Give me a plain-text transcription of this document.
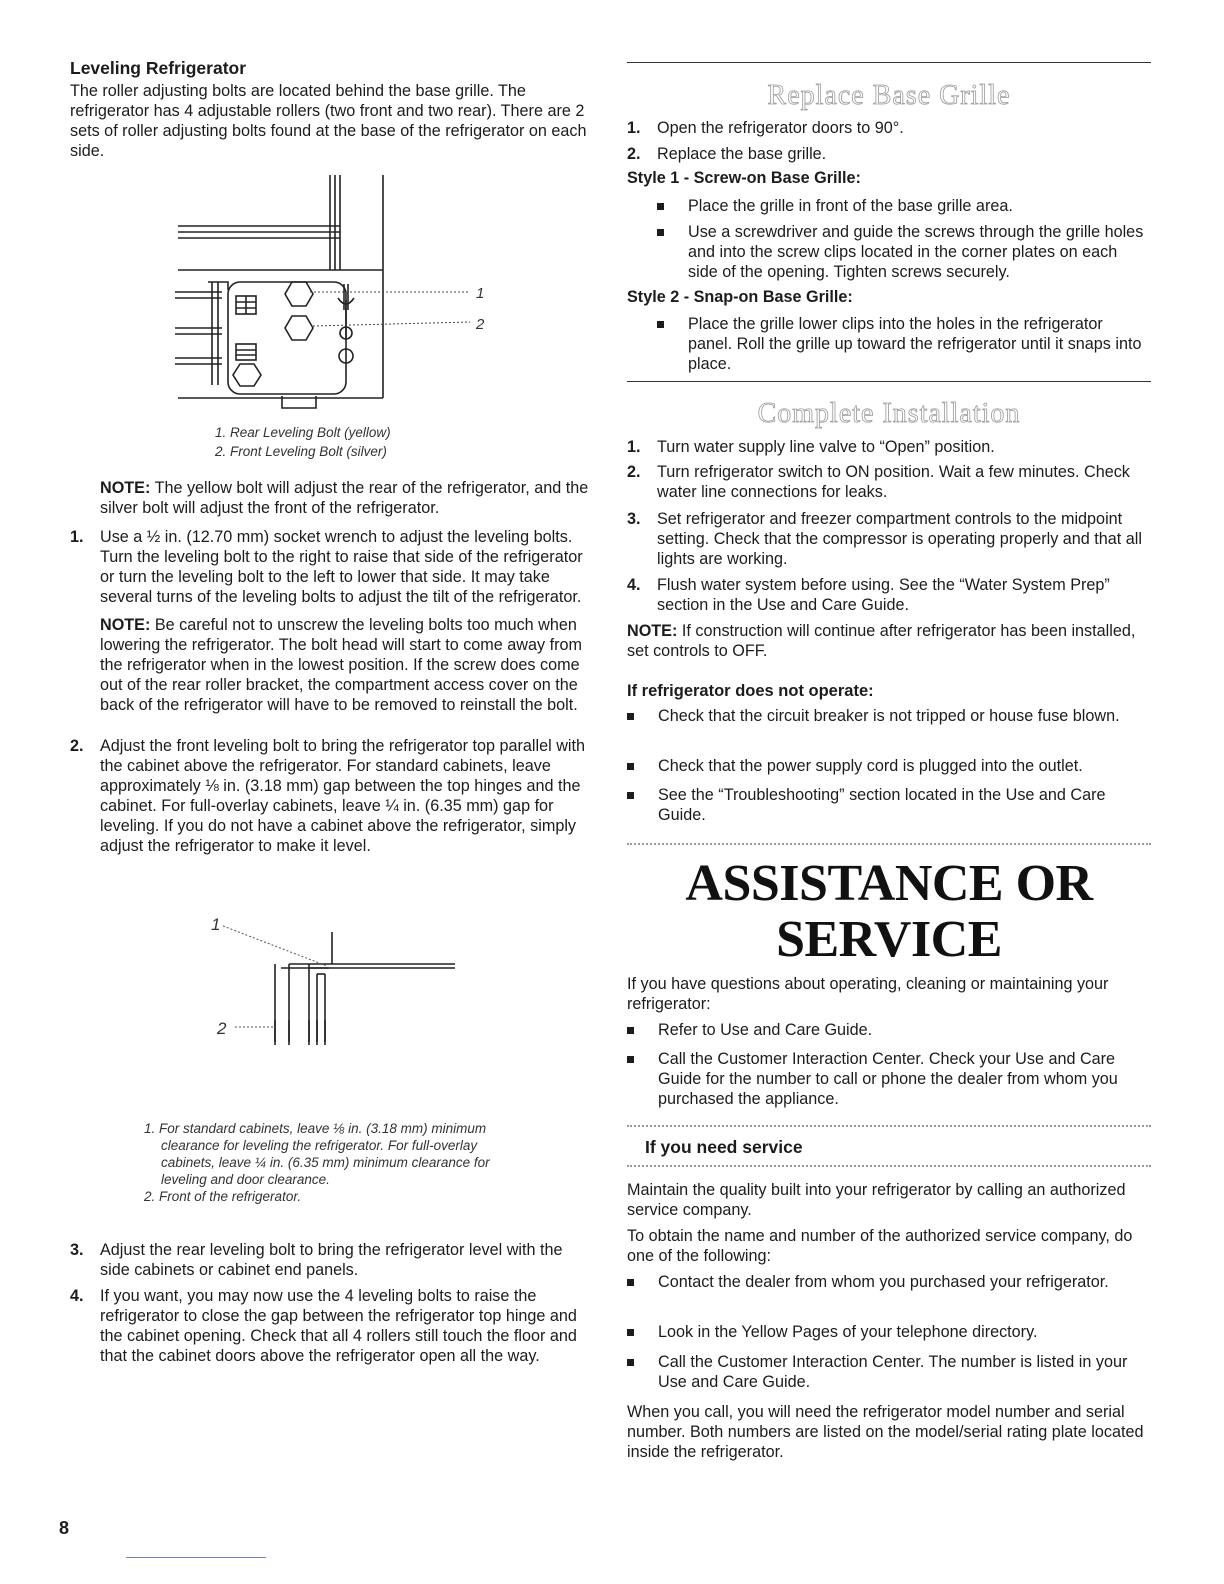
Leveling Refrigerator

The roller adjusting bolts are located behind the base grille. The refrigerator has 4 adjustable rollers (two front and two rear). There are 2 sets of roller adjusting bolts found at the base of the refrigerator on each side.

1
2
1. Rear Leveling Bolt (yellow)
2. Front Leveling Bolt (silver)

NOTE: The yellow bolt will adjust the rear of the refrigerator, and the silver bolt will adjust the front of the refrigerator.

1. Use a ½ in. (12.70 mm) socket wrench to adjust the leveling bolts. Turn the leveling bolt to the right to raise that side of the refrigerator or turn the leveling bolt to the left to lower that side. It may take several turns of the leveling bolts to adjust the tilt of the refrigerator.
NOTE: Be careful not to unscrew the leveling bolts too much when lowering the refrigerator. The bolt head will start to come away from the refrigerator when in the lowest position. If the screw does come out of the rear roller bracket, the compartment access cover on the back of the refrigerator will have to be removed to reinstall the bolt.
2. Adjust the front leveling bolt to bring the refrigerator top parallel with the cabinet above the refrigerator. For standard cabinets, leave approximately ⅛ in. (3.18 mm) gap between the top hinges and the cabinet. For full-overlay cabinets, leave ¼ in. (6.35 mm) gap for leveling. If you do not have a cabinet above the refrigerator, simply adjust the refrigerator to make it level.
1
2
1. For standard cabinets, leave ⅛ in. (3.18 mm) minimum clearance for leveling the refrigerator. For full-overlay cabinets, leave ¼ in. (6.35 mm) minimum clearance for leveling and door clearance.
2. Front of the refrigerator.
3. Adjust the rear leveling bolt to bring the refrigerator level with the side cabinets or cabinet end panels.
4. If you want, you may now use the 4 leveling bolts to raise the refrigerator to close the gap between the refrigerator top hinge and the cabinet opening. Check that all 4 rollers still touch the floor and that the cabinet doors above the refrigerator open all the way.
8
Replace Base Grille
1. Open the refrigerator doors to 90°.
2. Replace the base grille.
Style 1 - Screw-on Base Grille:
Place the grille in front of the base grille area.
Use a screwdriver and guide the screws through the grille holes and into the screw clips located in the corner plates on each side of the opening. Tighten screws securely.
Style 2 - Snap-on Base Grille:
Place the grille lower clips into the holes in the refrigerator panel. Roll the grille up toward the refrigerator until it snaps into place.
Complete Installation
1. Turn water supply line valve to “Open” position.
2. Turn refrigerator switch to ON position. Wait a few minutes. Check water line connections for leaks.
3. Set refrigerator and freezer compartment controls to the midpoint setting. Check that the compressor is operating properly and that all lights are working.
4. Flush water system before using. See the “Water System Prep” section in the Use and Care Guide.

NOTE: If construction will continue after refrigerator has been installed, set controls to OFF.

If refrigerator does not operate:
Check that the circuit breaker is not tripped or house fuse blown.
Check that the power supply cord is plugged into the outlet.
See the “Troubleshooting” section located in the Use and Care Guide.
ASSISTANCE OR
SERVICE

If you have questions about operating, cleaning or maintaining your refrigerator:

Refer to Use and Care Guide.
Call the Customer Interaction Center. Check your Use and Care Guide for the number to call or phone the dealer from whom you purchased the appliance.
If you need service

Maintain the quality built into your refrigerator by calling an authorized service company.

To obtain the name and number of the authorized service company, do one of the following:

Contact the dealer from whom you purchased your refrigerator.
Look in the Yellow Pages of your telephone directory.
Call the Customer Interaction Center. The number is listed in your Use and Care Guide.

When you call, you will need the refrigerator model number and serial number. Both numbers are listed on the model/serial rating plate located inside the refrigerator.
